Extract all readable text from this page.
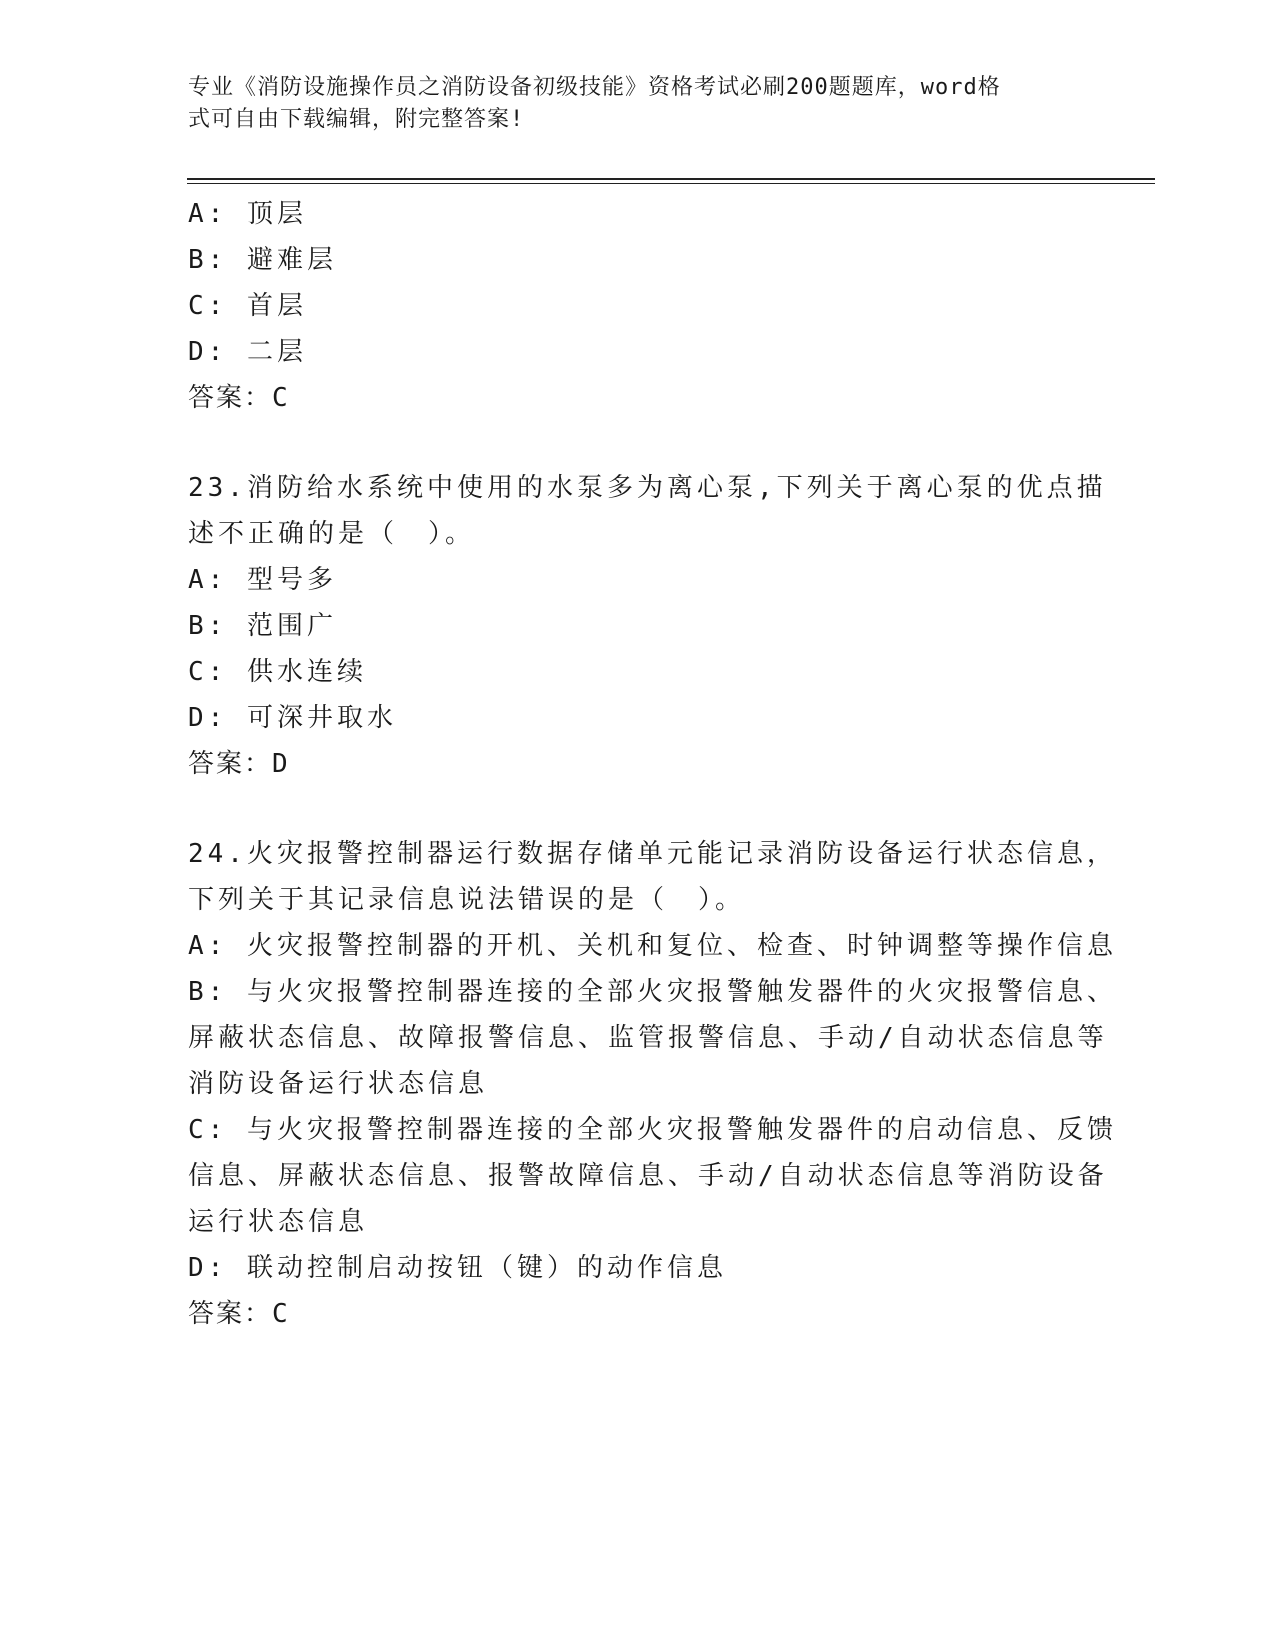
专业《消防设施操作员之消防设备初级技能》资格考试必刷200题题库，word格
式可自由下载编辑，附完整答案!
A: 顶层
B: 避难层
C: 首层
D: 二层
答案：C
23.消防给水系统中使用的水泵多为离心泵,下列关于离心泵的优点描
述不正确的是（　）。
A: 型号多
B: 范围广
C: 供水连续
D: 可深井取水
答案：D
24.火灾报警控制器运行数据存储单元能记录消防设备运行状态信息，
下列关于其记录信息说法错误的是（　）。
A: 火灾报警控制器的开机、关机和复位、检查、时钟调整等操作信息
B: 与火灾报警控制器连接的全部火灾报警触发器件的火灾报警信息、
屏蔽状态信息、故障报警信息、监管报警信息、手动/自动状态信息等
消防设备运行状态信息
C: 与火灾报警控制器连接的全部火灾报警触发器件的启动信息、反馈
信息、屏蔽状态信息、报警故障信息、手动/自动状态信息等消防设备
运行状态信息
D: 联动控制启动按钮（键）的动作信息
答案：C
